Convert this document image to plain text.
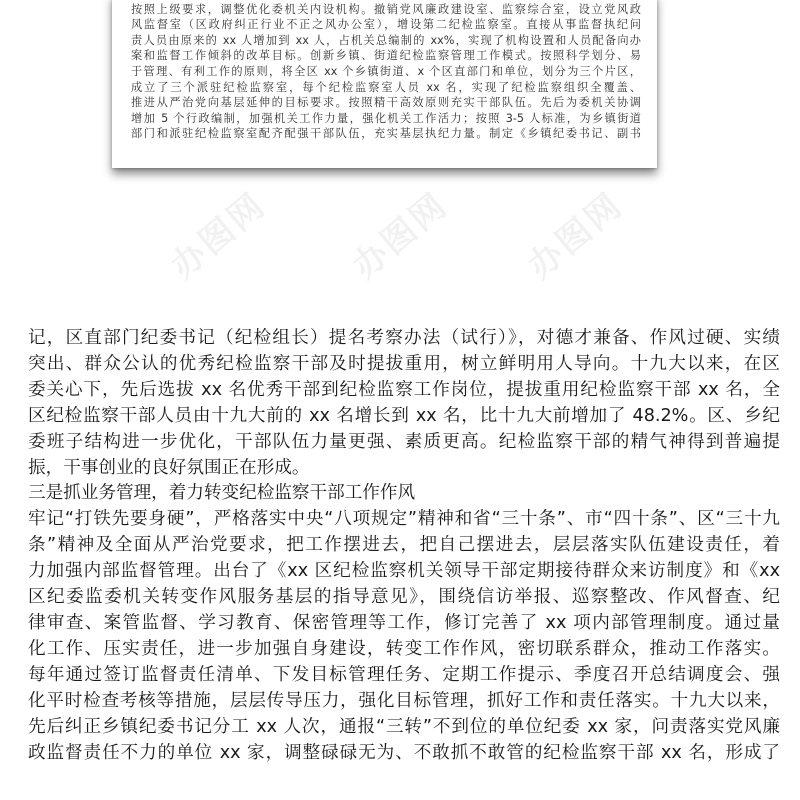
按照上级要求，调整优化委机关内设机构。撤销党风廉政建设室、监察综合室，设立党风政
风监督室（区政府纠正行业不正之风办公室），增设第二纪检监察室。直接从事监督执纪问
责人员由原来的 xx 人增加到 xx 人，占机关总编制的 xx%，实现了机构设置和人员配备向办
案和监督工作倾斜的改革目标。创新乡镇、街道纪检监察管理工作模式。按照科学划分、易
于管理、有利工作的原则，将全区 xx 个乡镇街道、x 个区直部门和单位，划分为三个片区，
成立了三个派驻纪检监察室，每个纪检监察室人员 xx 名，实现了纪检监察组织全覆盖、
推进从严治党向基层延伸的目标要求。按照精干高效原则充实干部队伍。先后为委机关协调
增加 5 个行政编制，加强机关工作力量，强化机关工作活力；按照 3-5 人标准，为乡镇街道
部门和派驻纪检监察室配齐配强干部队伍，充实基层执纪力量。制定《乡镇纪委书记、副书
办图网 办图网 办图网
记，区直部门纪委书记（纪检组长）提名考察办法（试行）》，对德才兼备、作风过硬、实绩
突出、群众公认的优秀纪检监察干部及时提拔重用，树立鲜明用人导向。十九大以来，在区
委关心下，先后选拔 xx 名优秀干部到纪检监察工作岗位，提拔重用纪检监察干部 xx 名，全
区纪检监察干部人员由十九大前的 xx 名增长到 xx 名，比十九大前增加了 48.2%。区、乡纪
委班子结构进一步优化，干部队伍力量更强、素质更高。纪检监察干部的精气神得到普遍提
振，干事创业的良好氛围正在形成。
三是抓业务管理，着力转变纪检监察干部工作作风
牢记“打铁先要身硬”，严格落实中央“八项规定”精神和省“三十条”、市“四十条”、区“三十九
条”精神及全面从严治党要求，把工作摆进去，把自己摆进去，层层落实队伍建设责任，着
力加强内部监督管理。出台了《xx 区纪检监察机关领导干部定期接待群众来访制度》和《xx
区纪委监委机关转变作风服务基层的指导意见》，围绕信访举报、巡察整改、作风督查、纪
律审查、案管监督、学习教育、保密管理等工作，修订完善了 xx 项内部管理制度。通过量
化工作、压实责任，进一步加强自身建设，转变工作作风，密切联系群众，推动工作落实。
每年通过签订监督责任清单、下发目标管理任务、定期工作提示、季度召开总结调度会、强
化平时检查考核等措施，层层传导压力，强化目标管理，抓好工作和责任落实。十九大以来，
先后纠正乡镇纪委书记分工 xx 人次，通报“三转”不到位的单位纪委 xx 家，问责落实党风廉
政监督责任不力的单位 xx 家，调整碌碌无为、不敢抓不敢管的纪检监察干部 xx 名，形成了
